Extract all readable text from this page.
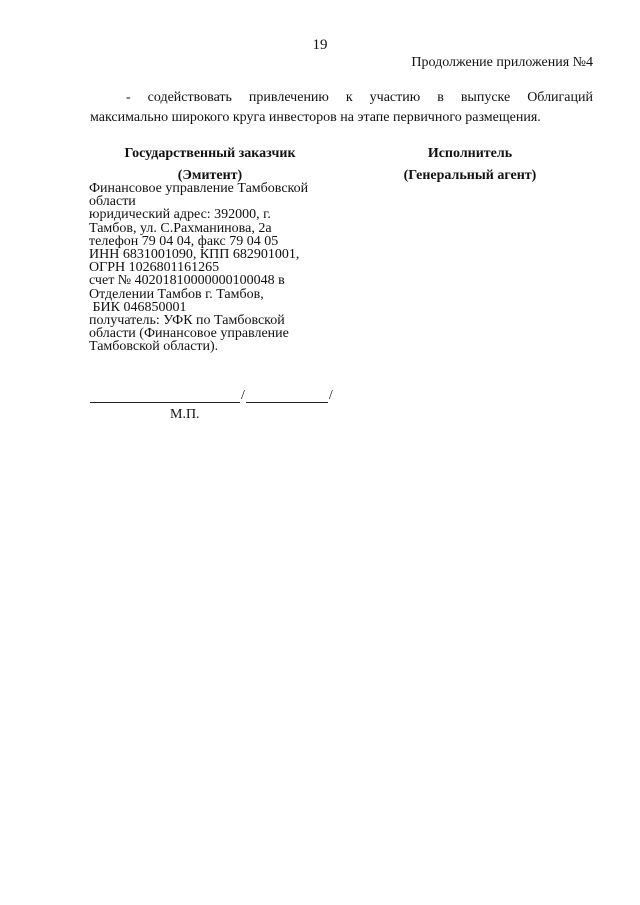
19
Продолжение приложения №4
- содействовать привлечению к участию в выпуске Облигаций
максимально широкого круга инвесторов на этапе первичного размещения.
Государственный заказчик
(Эмитент)
Исполнитель
(Генеральный агент)
Финансовое управление Тамбовской
области
юридический адрес: 392000, г.
Тамбов, ул. С.Рахманинова, 2а
телефон 79 04 04, факс 79 04 05
ИНН 6831001090, КПП 682901001,
ОГРН 1026801161265
счет № 40201810000000100048 в
Отделении Тамбов г. Тамбов,
БИК 046850001
получатель: УФК по Тамбовской
области (Финансовое управление
Тамбовской области).
/	/
М.П.
